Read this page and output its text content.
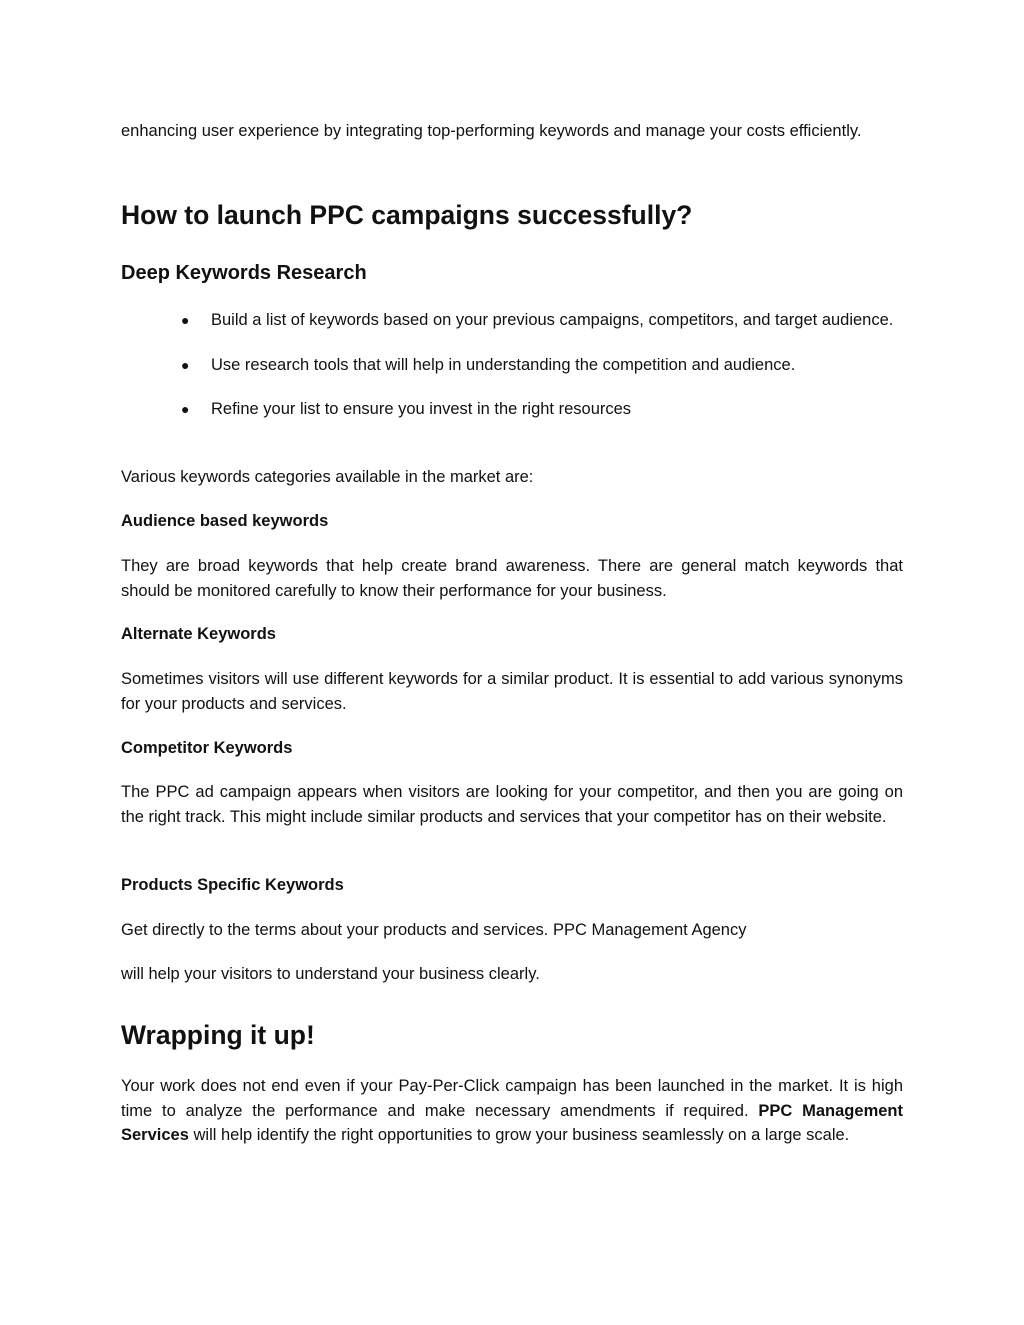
enhancing user experience by integrating top-performing keywords and manage your costs efficiently.

How to launch PPC campaigns successfully?
Deep Keywords Research
● Build a list of keywords based on your previous campaigns, competitors, and target audience.
● Use research tools that will help in understanding the competition and audience.
● Refine your list to ensure you invest in the right resources

Various keywords categories available in the market are:

Audience based keywords

They are broad keywords that help create brand awareness. There are general match keywords that should be monitored carefully to know their performance for your business.

Alternate Keywords

Sometimes visitors will use different keywords for a similar product. It is essential to add various synonyms for your products and services.

Competitor Keywords

The PPC ad campaign appears when visitors are looking for your competitor, and then you are going on the right track. This might include similar products and services that your competitor has on their website.

Products Specific Keywords

Get directly to the terms about your products and services. PPC Management Agency

will help your visitors to understand your business clearly.

Wrapping it up!

Your work does not end even if your Pay-Per-Click campaign has been launched in the market. It is high time to analyze the performance and make necessary amendments if required. PPC Management Services will help identify the right opportunities to grow your business seamlessly on a large scale.
